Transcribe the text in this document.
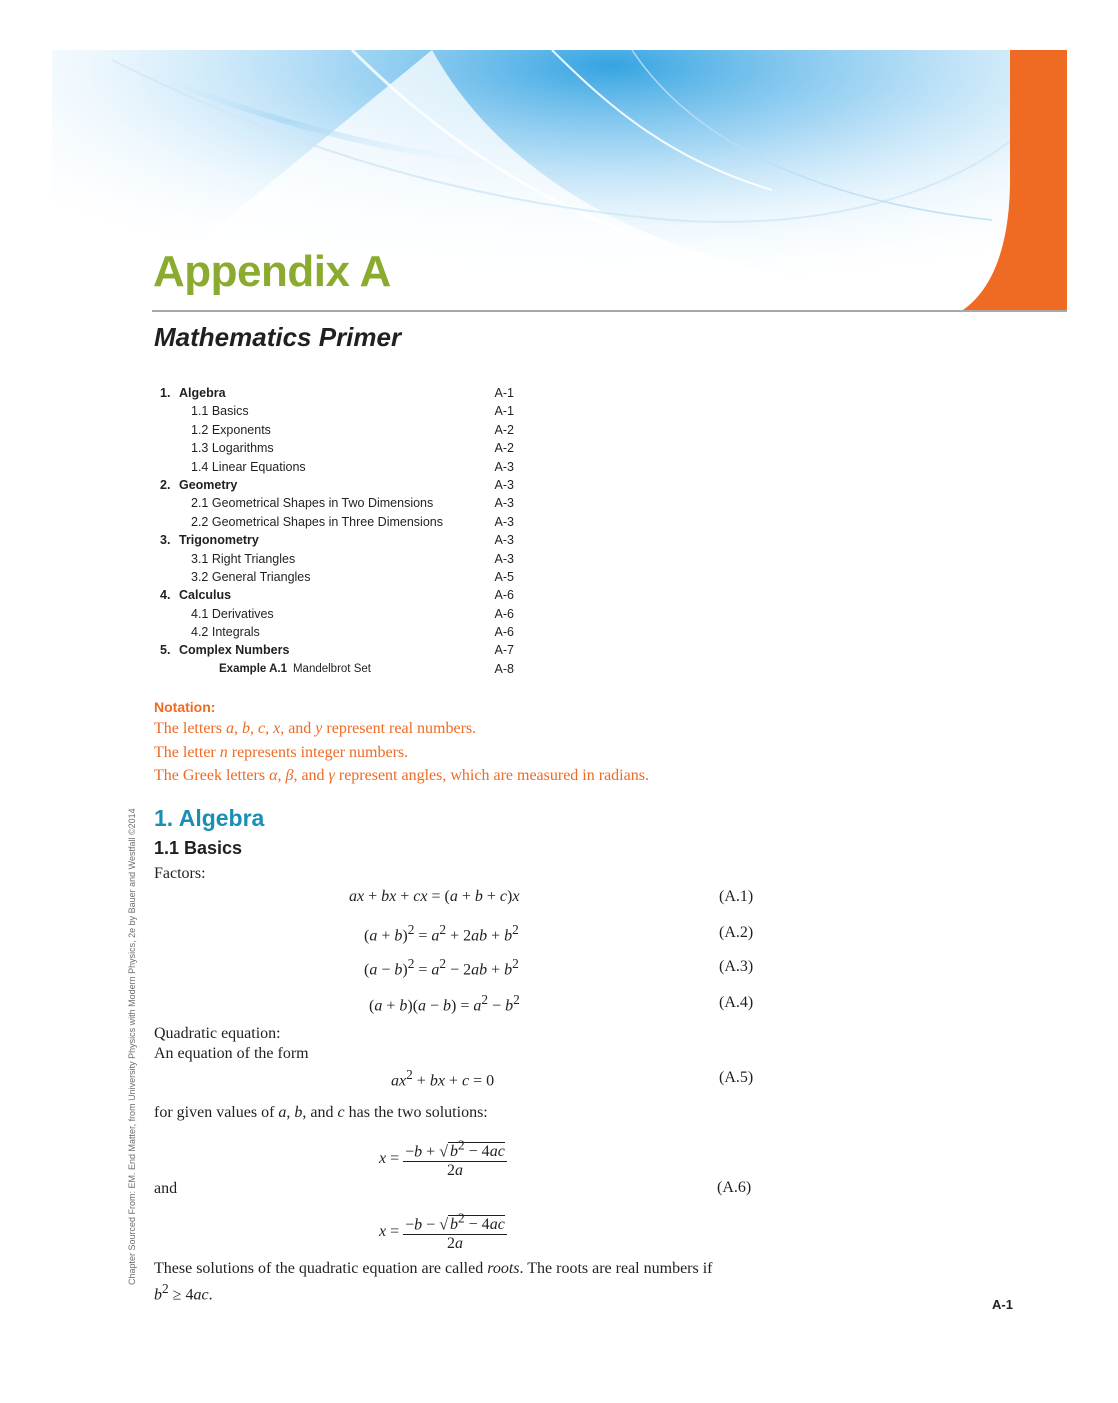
Appendix A
Mathematics Primer
1. Algebra	A-1
1.1 Basics	A-1
1.2 Exponents	A-2
1.3 Logarithms	A-2
1.4 Linear Equations	A-3
2. Geometry	A-3
2.1 Geometrical Shapes in Two Dimensions	A-3
2.2 Geometrical Shapes in Three Dimensions	A-3
3. Trigonometry	A-3
3.1 Right Triangles	A-3
3.2 General Triangles	A-5
4. Calculus	A-6
4.1 Derivatives	A-6
4.2 Integrals	A-6
5. Complex Numbers	A-7
Example A.1 Mandelbrot Set	A-8
Notation:
The letters a, b, c, x, and y represent real numbers.
The letter n represents integer numbers.
The Greek letters α, β, and γ represent angles, which are measured in radians.
Chapter Sourced From: EM. End Matter, from University Physics with Modern Physics, 2e by Bauer and Westfall ©2014 1. Algebra
1.1 Basics
Factors:
ax + bx + cx = (a + b + c)x	(A.1)
$(a + b)^2 = a^2 + 2ab + b^2$	(A.2)
$(a - b)^2 = a^2 - 2ab + b^2$	(A.3)
$(a + b)(a - b) = a^2 - b^2$	(A.4)
Quadratic equation:
An equation of the form
$ax^2$ + bx + c = 0	(A.5)
for given values of a, b, and c has the two solutions:
$x = \frac{-b + √ b^2 - 4ac}{2a}$
and	(A.6)
$x = \frac{-b - √ b^2 - 4ac}{2a}$
These solutions of the quadratic equation are called roots. The roots are real numbers if
$b^2 \ge 4ac$.
A-1
